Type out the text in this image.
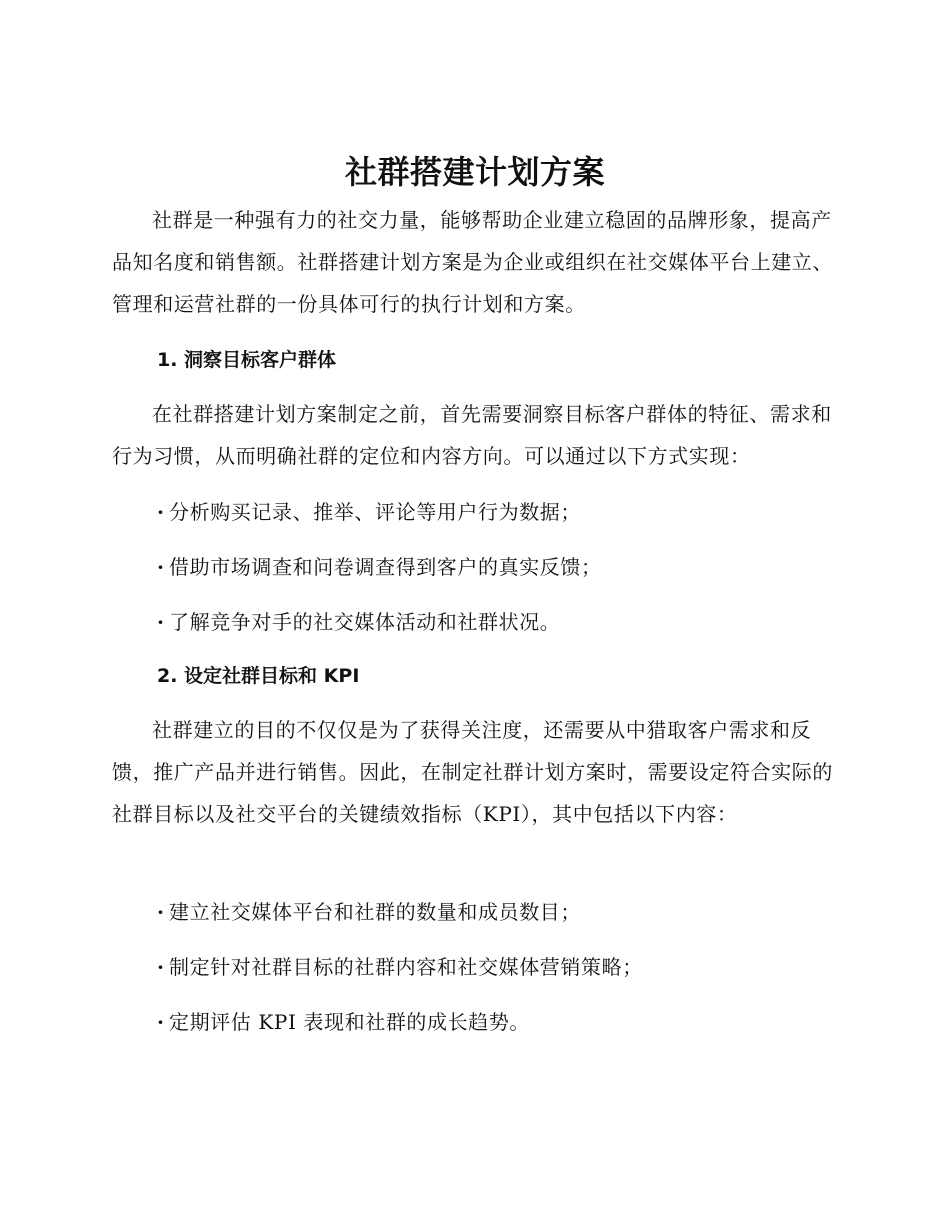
社群搭建计划方案

社群是一种强有力的社交力量，能够帮助企业建立稳固的品牌形象，提高产品知名度和销售额。社群搭建计划方案是为企业或组织在社交媒体平台上建立、管理和运营社群的一份具体可行的执行计划和方案。

1. 洞察目标客户群体

在社群搭建计划方案制定之前，首先需要洞察目标客户群体的特征、需求和行为习惯，从而明确社群的定位和内容方向。可以通过以下方式实现：

· 分析购买记录、推举、评论等用户行为数据；
· 借助市场调查和问卷调查得到客户的真实反馈；
· 了解竞争对手的社交媒体活动和社群状况。
2. 设定社群目标和 KPI

社群建立的目的不仅仅是为了获得关注度，还需要从中猎取客户需求和反馈，推广产品并进行销售。因此，在制定社群计划方案时，需要设定符合实际的社群目标以及社交平台的关键绩效指标（KPI），其中包括以下内容：

· 建立社交媒体平台和社群的数量和成员数目；
· 制定针对社群目标的社群内容和社交媒体营销策略；
· 定期评估 KPI 表现和社群的成长趋势。
